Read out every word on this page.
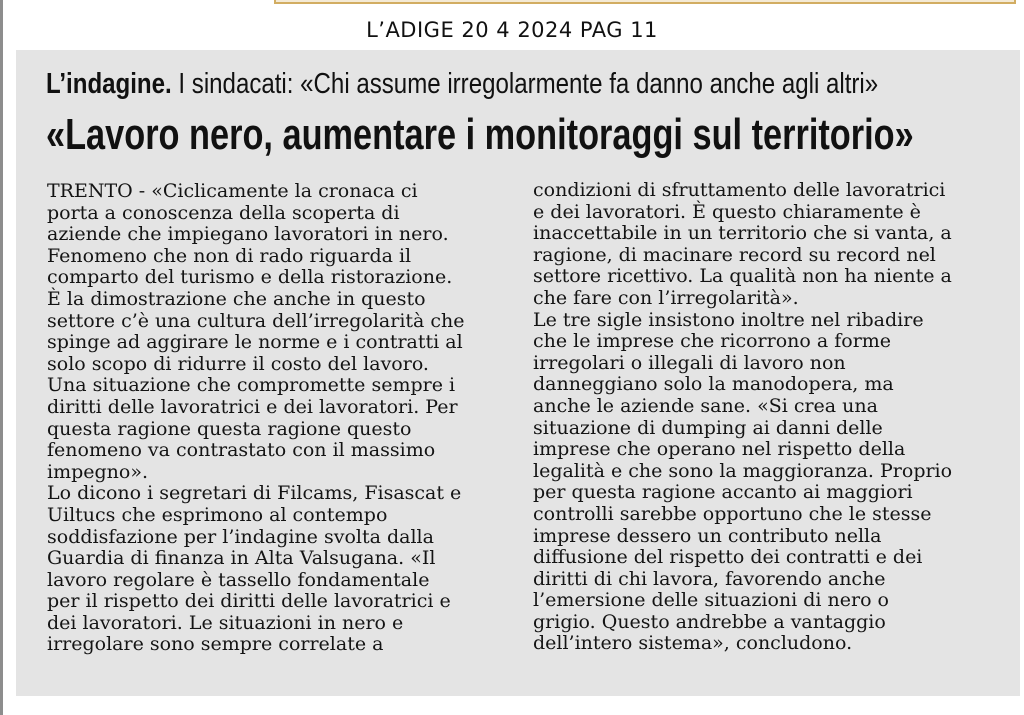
L’ADIGE 20 4 2024 PAG 11
L’indagine. I sindacati: «Chi assume irregolarmente fa danno anche agli altri»
«Lavoro nero, aumentare i monitoraggi sul territorio»
TRENTO - «Ciclicamente la cronaca ci
porta a conoscenza della scoperta di
aziende che impiegano lavoratori in nero.
Fenomeno che non di rado riguarda il
comparto del turismo e della ristorazione.
È la dimostrazione che anche in questo
settore c’è una cultura dell’irregolarità che
spinge ad aggirare le norme e i contratti al
solo scopo di ridurre il costo del lavoro.
Una situazione che compromette sempre i
diritti delle lavoratrici e dei lavoratori. Per
questa ragione questa ragione questo
fenomeno va contrastato con il massimo
impegno».
Lo dicono i segretari di Filcams, Fisascat e
Uiltucs che esprimono al contempo
soddisfazione per l’indagine svolta dalla
Guardia di finanza in Alta Valsugana. «Il
lavoro regolare è tassello fondamentale
per il rispetto dei diritti delle lavoratrici e
dei lavoratori. Le situazioni in nero e
irregolare sono sempre correlate a
condizioni di sfruttamento delle lavoratrici
e dei lavoratori. È questo chiaramente è
inaccettabile in un territorio che si vanta, a
ragione, di macinare record su record nel
settore ricettivo. La qualità non ha niente a
che fare con l’irregolarità».
Le tre sigle insistono inoltre nel ribadire
che le imprese che ricorrono a forme
irregolari o illegali di lavoro non
danneggiano solo la manodopera, ma
anche le aziende sane. «Si crea una
situazione di dumping ai danni delle
imprese che operano nel rispetto della
legalità e che sono la maggioranza. Proprio
per questa ragione accanto ai maggiori
controlli sarebbe opportuno che le stesse
imprese dessero un contributo nella
diffusione del rispetto dei contratti e dei
diritti di chi lavora, favorendo anche
l’emersione delle situazioni di nero o
grigio. Questo andrebbe a vantaggio
dell’intero sistema», concludono.
